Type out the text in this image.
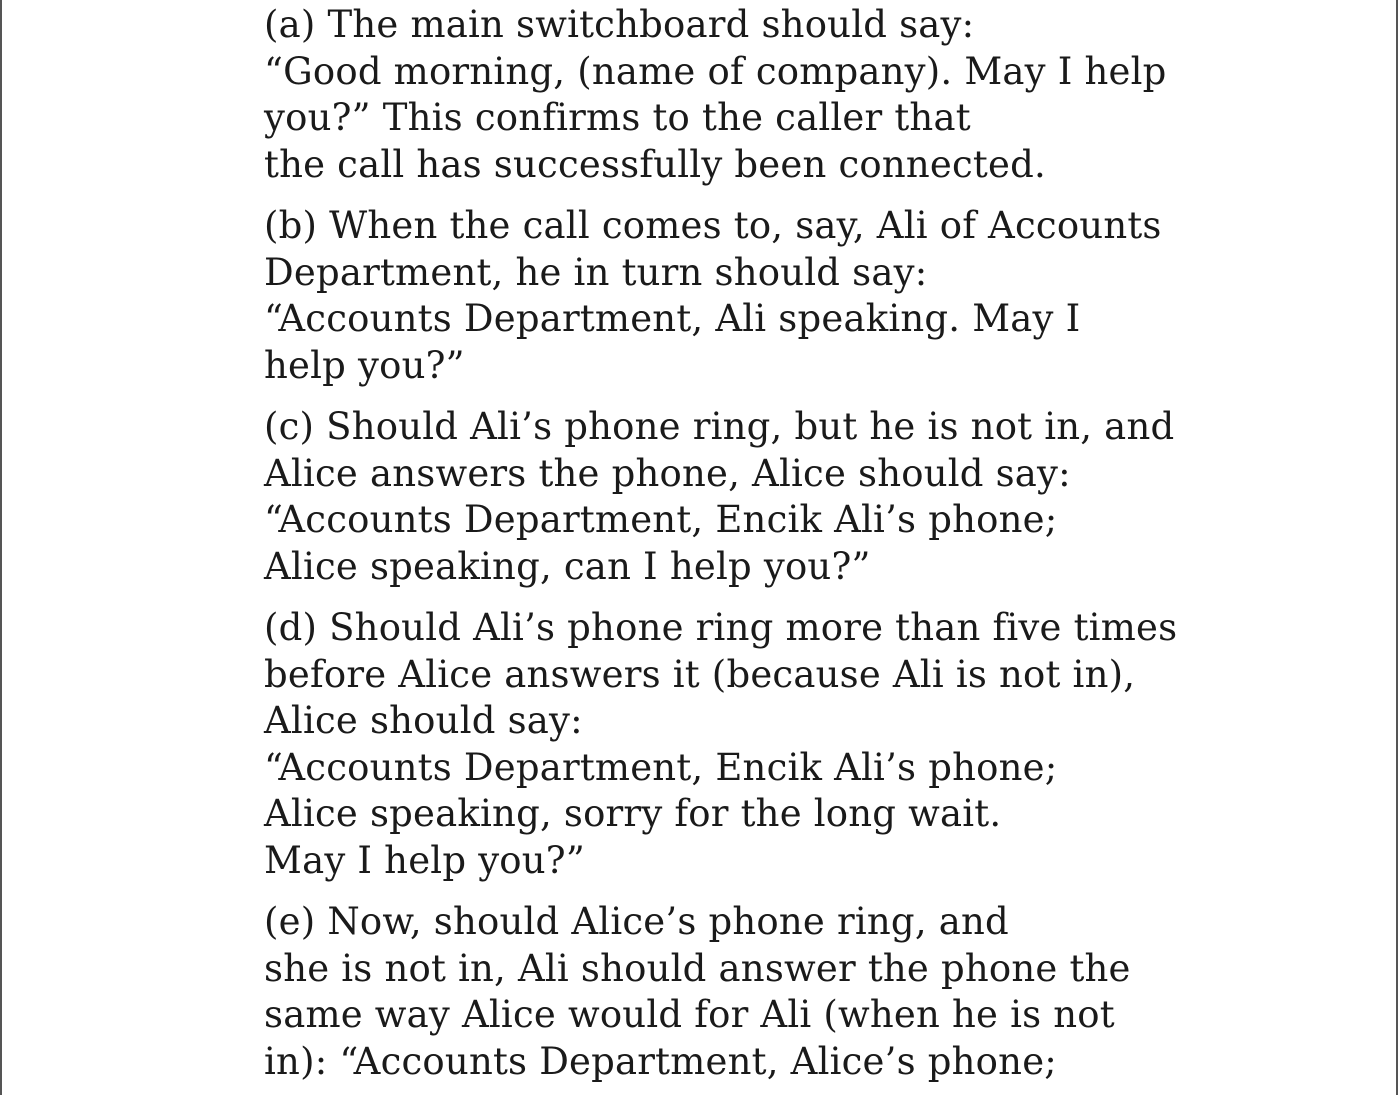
(a) The main switchboard should say:
“Good morning, (name of company). May I help
you?” This confirms to the caller that
the call has successfully been connected.
(b) When the call comes to, say, Ali of Accounts
Department, he in turn should say:
“Accounts Department, Ali speaking. May I
help you?”
(c) Should Ali’s phone ring, but he is not in, and
Alice answers the phone, Alice should say:
“Accounts Department, Encik Ali’s phone;
Alice speaking, can I help you?”
(d) Should Ali’s phone ring more than five times
before Alice answers it (because Ali is not in),
Alice should say:
“Accounts Department, Encik Ali’s phone;
Alice speaking, sorry for the long wait.
May I help you?”
(e) Now, should Alice’s phone ring, and
she is not in, Ali should answer the phone the
same way Alice would for Ali (when he is not
in): “Accounts Department, Alice’s phone;
